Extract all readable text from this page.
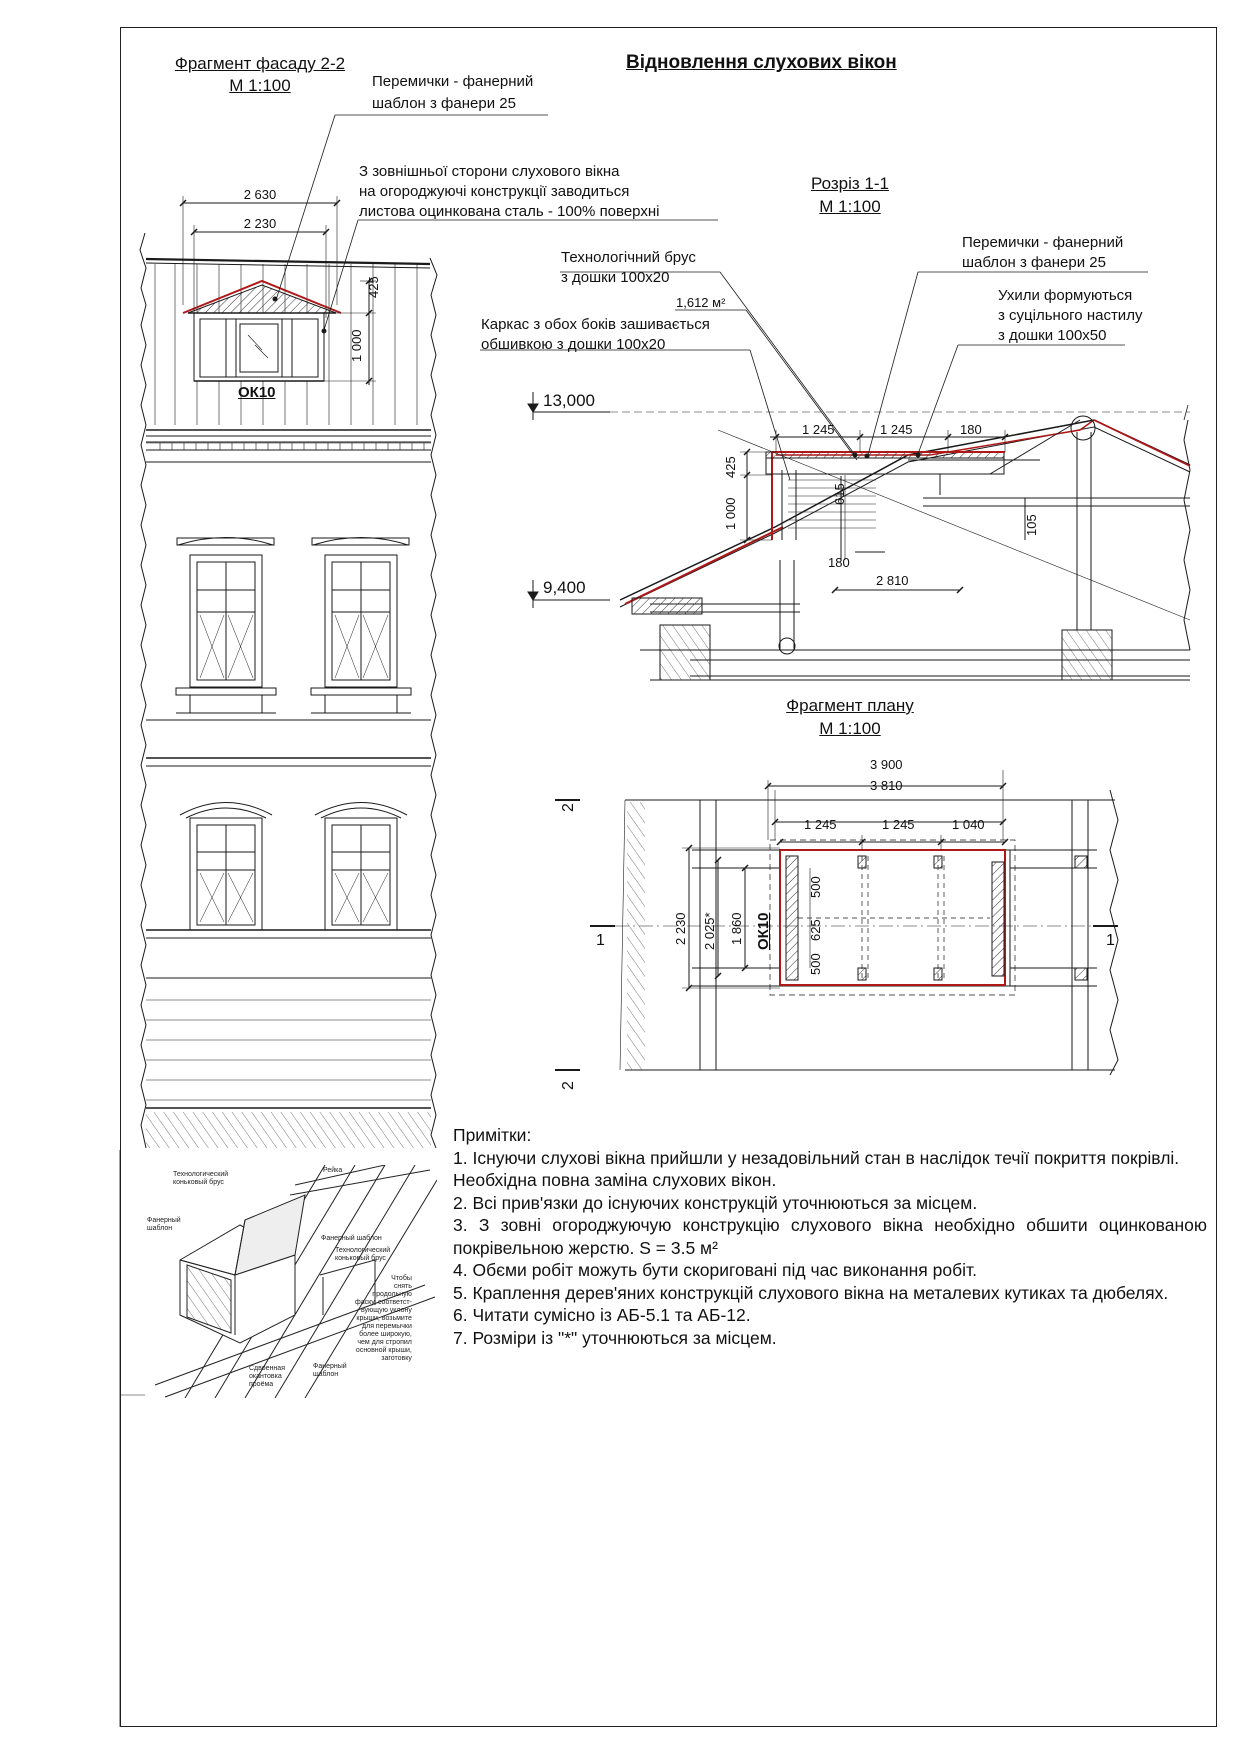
Відновлення слухових вікон
Фрагмент фасаду 2-2
М 1:100	Перемички - фанерний
шаблон з фанери 25
З зовнішньої сторони слухового вікна
на огороджуючі конструкції заводиться
листова оцинкована сталь - 100% поверхні
2 630
2 230
425
1 000
ОК10
Розріз 1-1
М 1:100
Технологічний брус
з дошки 100х20
1,612 м²
Каркас з обох боків зашивається
обшивкою з дошки 100х20
Перемички - фанерний
шаблон з фанери 25
Ухили формуються
з суцільного настилу
з дошки 100х50
13,000
9,400
1 245	1 245	180
425
1 000
615
180
2 810
105
Фрагмент плану
М 1:100
3 900
3 810
1 245	1 245	1 040
2 230 2 025* 1 860
500
625
500
ОК10
1	1
2
2
Технологический
коньковый брус
Рейка
Фанерный
шаблон
Фанерный шаблон
Технологический
коньковый брус
Чтобы
снять
продольную
фаску, соответст-
вующую уклону
крыши, возьмите
для перемычки
более широкую,
чем для стропил
основной крыши,
заготовку
Сдвоенная
окантовка
проёма
Фанерный
шаблон
Примітки:
1. Існуючи слухові вікна прийшли у незадовільний стан в наслідок течії покриття покрівлі.
Необхідна повна заміна слухових вікон.
2. Всі прив'язки до існуючих конструкцій уточнюються за місцем.
3. З зовні огороджуючую конструкцію слухового вікна необхідно обшити оцинкованою покрівельною жерстю. S = 3.5 м²
4. Обєми робіт можуть бути скориговані під час виконання робіт.
5. Краплення дерев'яних конструкцій слухового вікна на металевих кутиках та дюбелях.
6. Читати сумісно із АБ-5.1 та АБ-12.
7. Розміри із "*" уточнюються за місцем.
